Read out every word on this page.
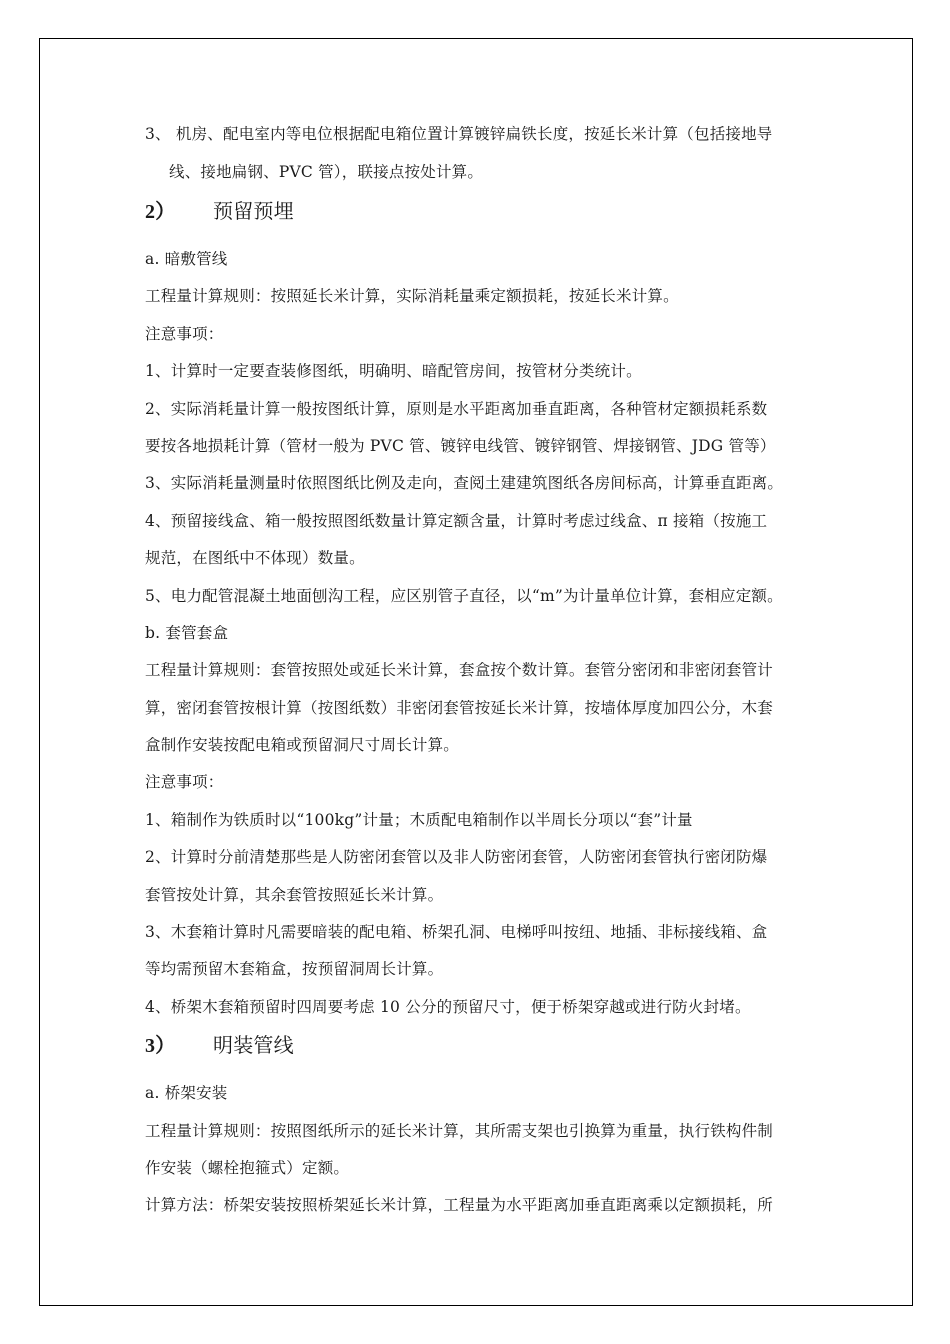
3、 机房、配电室内等电位根据配电箱位置计算镀锌扁铁长度，按延长米计算（包括接地导
线、接地扁钢、PVC 管），联接点按处计算。
2） 预留预埋
a. 暗敷管线
工程量计算规则：按照延长米计算，实际消耗量乘定额损耗，按延长米计算。
注意事项：
1、计算时一定要查装修图纸，明确明、暗配管房间，按管材分类统计。
2、实际消耗量计算一般按图纸计算，原则是水平距离加垂直距离，各种管材定额损耗系数
要按各地损耗计算（管材一般为 PVC 管、镀锌电线管、镀锌钢管、焊接钢管、JDG 管等）
3、实际消耗量测量时依照图纸比例及走向，查阅土建建筑图纸各房间标高，计算垂直距离。
4、预留接线盒、箱一般按照图纸数量计算定额含量，计算时考虑过线盒、π 接箱（按施工
规范，在图纸中不体现）数量。
5、电力配管混凝土地面刨沟工程，应区别管子直径，以“m”为计量单位计算，套相应定额。
b. 套管套盒
工程量计算规则：套管按照处或延长米计算，套盒按个数计算。套管分密闭和非密闭套管计
算，密闭套管按根计算（按图纸数）非密闭套管按延长米计算，按墙体厚度加四公分，木套
盒制作安装按配电箱或预留洞尺寸周长计算。
注意事项：
1、箱制作为铁质时以“100kg”计量；木质配电箱制作以半周长分项以“套”计量
2、计算时分前清楚那些是人防密闭套管以及非人防密闭套管，人防密闭套管执行密闭防爆
套管按处计算，其余套管按照延长米计算。
3、木套箱计算时凡需要暗装的配电箱、桥架孔洞、电梯呼叫按纽、地插、非标接线箱、盒
等均需预留木套箱盒，按预留洞周长计算。
4、桥架木套箱预留时四周要考虑 10 公分的预留尺寸，便于桥架穿越或进行防火封堵。
3） 明装管线
a. 桥架安装
工程量计算规则：按照图纸所示的延长米计算，其所需支架也引换算为重量，执行铁构件制
作安装（螺栓抱箍式）定额。
计算方法：桥架安装按照桥架延长米计算，工程量为水平距离加垂直距离乘以定额损耗，所
